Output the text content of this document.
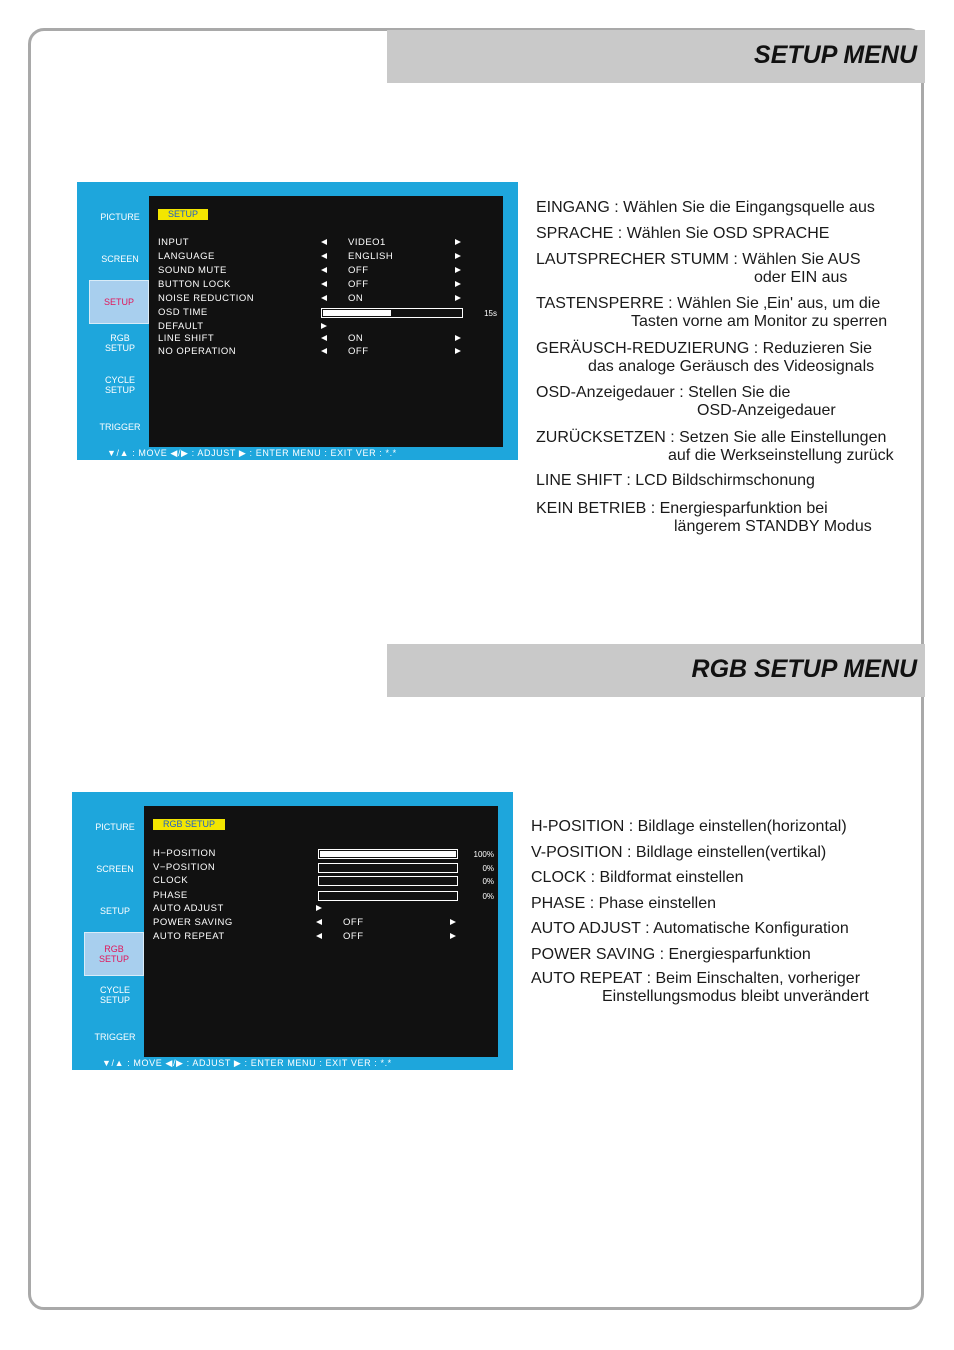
SETUP MENU
PICTURE
SCREEN
SETUP
RGB
SETUP
CYCLE
SETUP
TRIGGER
SETUP
INPUT	VIDEO1
LANGUAGE	ENGLISH
SOUND MUTE	OFF
BUTTON LOCK	OFF
NOISE REDUCTION	ON
OSD TIME	15s
DEFAULT
LINE SHIFT	ON
NO OPERATION	OFF
▼/▲ : MOVE ◀/▶ : ADJUST ▶ : ENTER MENU : EXIT VER : *.*
EINGANG : Wählen Sie die Eingangsquelle aus
SPRACHE : Wählen Sie OSD SPRACHE
LAUTSPRECHER STUMM : Wählen Sie AUS
oder EIN aus
TASTENSPERRE : Wählen Sie ‚Ein' aus, um die
Tasten vorne am Monitor zu sperren
GERÄUSCH-REDUZIERUNG : Reduzieren Sie
das analoge Geräusch des Videosignals
OSD-Anzeigedauer : Stellen Sie die
OSD-Anzeigedauer
ZURÜCKSETZEN : Setzen Sie alle Einstellungen
auf die Werkseinstellung zurück
LINE SHIFT : LCD Bildschirmschonung
KEIN BETRIEB : Energiesparfunktion bei
längerem STANDBY Modus
RGB SETUP MENU
PICTURE
SCREEN
SETUP
RGB
SETUP
CYCLE
SETUP
TRIGGER
RGB SETUP
H−POSITION	100%
V−POSITION	0%
CLOCK	0%
PHASE	0%
AUTO ADJUST
POWER SAVING	OFF
AUTO REPEAT	OFF
▼/▲ : MOVE ◀/▶ : ADJUST ▶ : ENTER MENU : EXIT VER : *.*
H-POSITION : Bildlage einstellen(horizontal)
V-POSITION : Bildlage einstellen(vertikal)
CLOCK : Bildformat einstellen
PHASE : Phase einstellen
AUTO ADJUST : Automatische Konfiguration
POWER SAVING : Energiesparfunktion
AUTO REPEAT : Beim Einschalten, vorheriger
Einstellungsmodus bleibt unverändert
